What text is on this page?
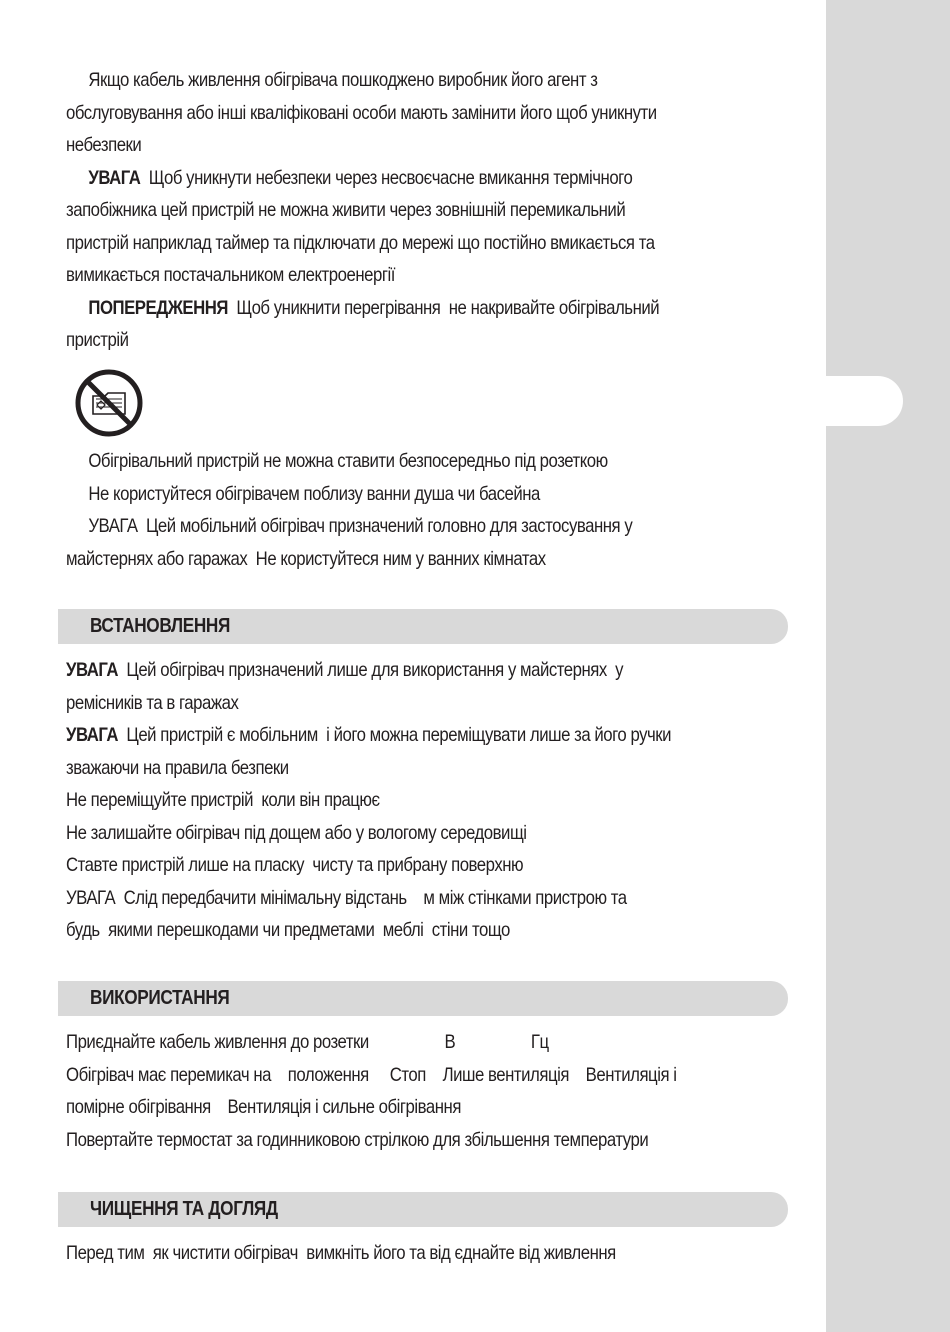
Якщо кабель живлення обігрівача пошкоджено виробник його агент з
обслуговування або інші кваліфіковані особи мають замінити його щоб уникнути
небезпеки
УВАГА  Щоб уникнути небезпеки через несвоєчасне вмикання термічного
запобіжника цей пристрій не можна живити через зовнішній перемикальний
пристрій наприклад таймер та підключати до мережі що постійно вмикається та
вимикається постачальником електроенергії
ПОПЕРЕДЖЕННЯ  Щоб уникнити перегрівання  не накривайте обігрівальний
пристрій
Обігрівальний пристрій не можна ставити безпосередньо під розеткою
Не користуйтеся обігрівачем поблизу ванни душа чи басейна
УВАГА  Цей мобільний обігрівач призначений головно для застосування у
майстернях або гаражах  Не користуйтеся ним у ванних кімнатах
ВСТАНОВЛЕННЯ
УВАГА  Цей обігрівач призначений лише для використання у майстернях  у
ремісників та в гаражах
УВАГА  Цей пристрій є мобільним  і його можна переміщувати лише за його ручки
зважаючи на правила безпеки
Не переміщуйте пристрій  коли він працює
Не залишайте обігрівач під дощем або у вологому середовищі
Ставте пристрій лише на пласку  чисту та прибрану поверхню
УВАГА  Слід передбачити мінімальну відстань    м між стінками пристрою та
будь  якими перешкодами чи предметами  меблі  стіни тощо
ВИКОРИСТАННЯ
Приєднайте кабель живлення до розетки	В	Гц
Обігрівач має перемикач на    положення     Стоп    Лише вентиляція    Вентиляція і
помірне обігрівання    Вентиляція і сильне обігрівання
Повертайте термостат за годинниковою стрілкою для збільшення температури
ЧИЩЕННЯ ТА ДОГЛЯД
Перед тим  як чистити обігрівач  вимкніть його та від єднайте від живлення
